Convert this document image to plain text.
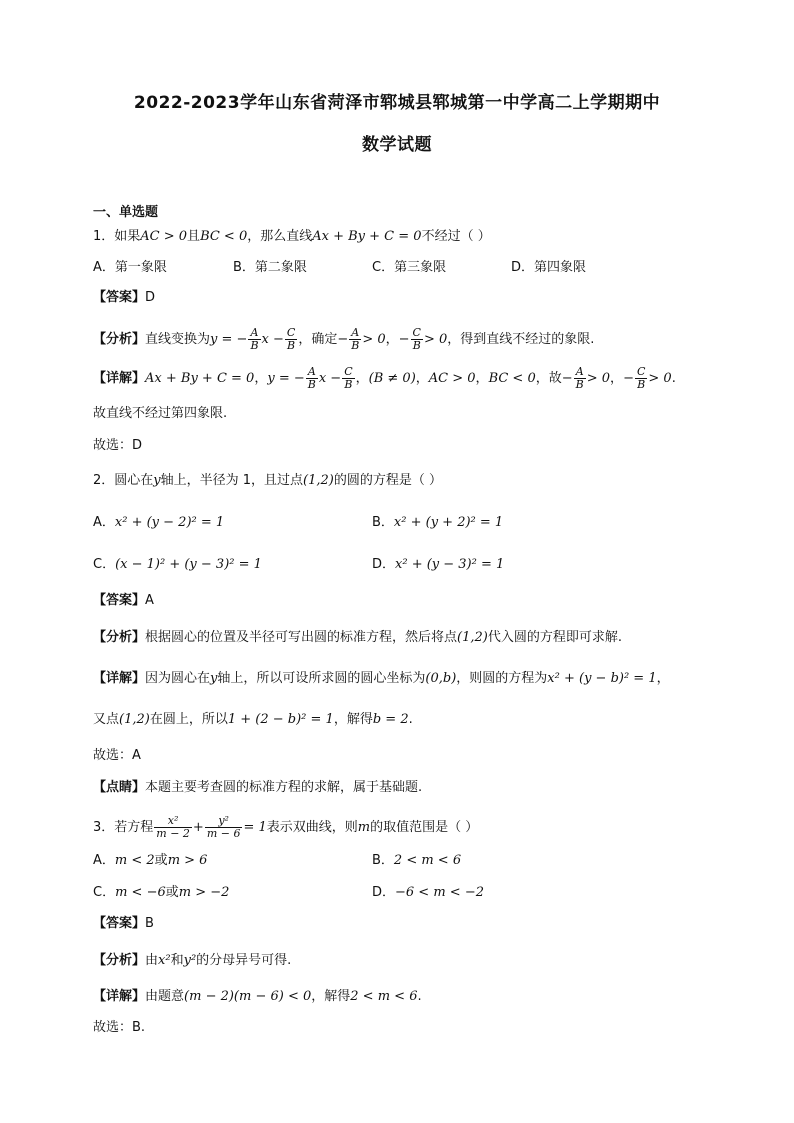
2022-2023学年山东省菏泽市郓城县郓城第一中学高二上学期期中
数学试题
一、单选题
1．如果AC > 0且BC < 0，那么直线Ax + By + C = 0不经过（ ）
A．第一象限	B．第二象限	C．第三象限	D．第四象限
【答案】D
【分析】直线变换为y = − $\frac{A}{B}$ $x - \frac{C}{B}$ ，确定− $\frac{A}{B} > 0$，− $\frac{C}{B} > 0$，得到直线不经过的象限.
【详解】Ax + By + C = 0，y = − $\frac{A}{B}$ $x - \frac{C}{B}$ ，(B ≠ 0)，AC > 0，BC < 0，故− $\frac{A}{B} > 0$，− $\frac{C}{B} > 0$.
故直线不经过第四象限.
故选：D
2．圆心在y轴上，半径为 1，且过点(1,2)的圆的方程是（ ）
A．x² + (y − 2)² = 1	B．x² + (y + 2)² = 1
C．(x − 1)² + (y − 3)² = 1	D．x² + (y − 3)² = 1
【答案】A
【分析】根据圆心的位置及半径可写出圆的标准方程，然后将点(1,2)代入圆的方程即可求解.
【详解】因为圆心在y轴上，所以可设所求圆的圆心坐标为(0,b)，则圆的方程为x² + (y − b)² = 1，
又点(1,2)在圆上，所以1 + (2 − b)² = 1，解得b = 2.
故选：A
【点睛】本题主要考查圆的标准方程的求解，属于基础题.
3．若方程 $\frac{\text{x²}}{m - 2} + \frac{\text{y²}}{m - 6} = 1$表示双曲线，则m的取值范围是（ ）
A．m < 2或m > 6	B．2 < m < 6
C．m < −6或m > −2	D．−6 < m < −2
【答案】B
【分析】由x²和y²的分母异号可得.
【详解】由题意(m − 2)(m − 6) < 0，解得2 < m < 6.
故选：B.
